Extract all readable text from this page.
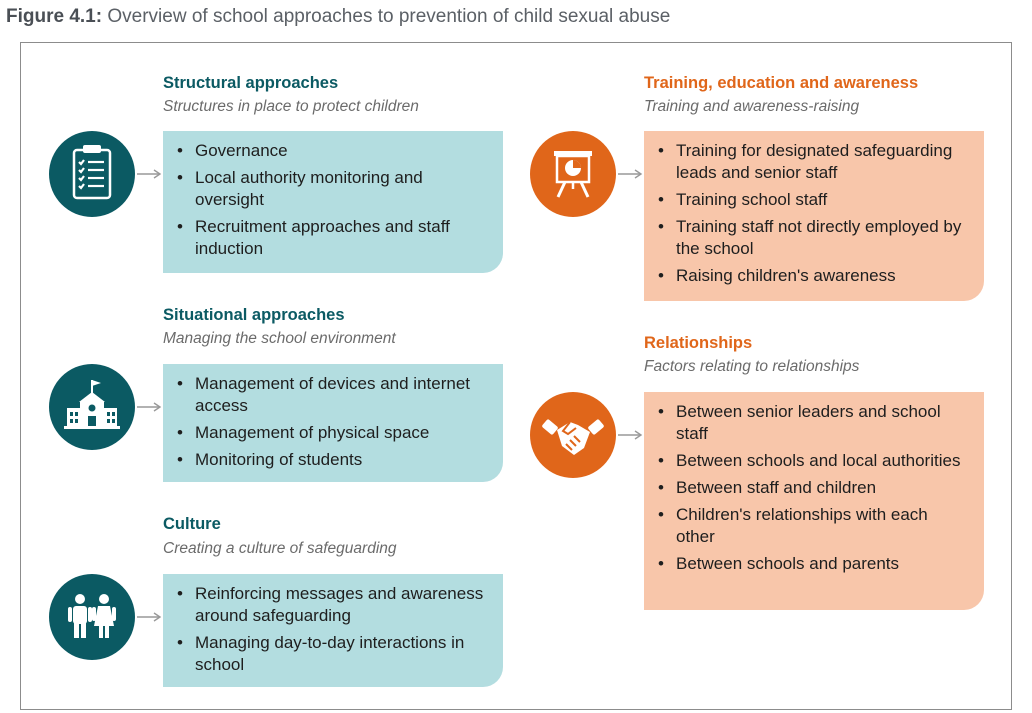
Figure 4.1: Overview of school approaches to prevention of child sexual abuse
Structural approaches
Structures in place to protect children
• Governance
• Local authority monitoring and oversight
• Recruitment approaches and staff induction
Situational approaches
Managing the school environment
• Management of devices and internet access
• Management of physical space
• Monitoring of students
Culture
Creating a culture of safeguarding
• Reinforcing messages and awareness around safeguarding
• Managing day-to-day interactions in school
Training, education and awareness
Training and awareness-raising
• Training for designated safeguarding leads and senior staff
• Training school staff
• Training staff not directly employed by the school
• Raising children's awareness
Relationships
Factors relating to relationships
• Between senior leaders and school staff
• Between schools and local authorities
• Between staff and children
• Children's relationships with each other
• Between schools and parents
